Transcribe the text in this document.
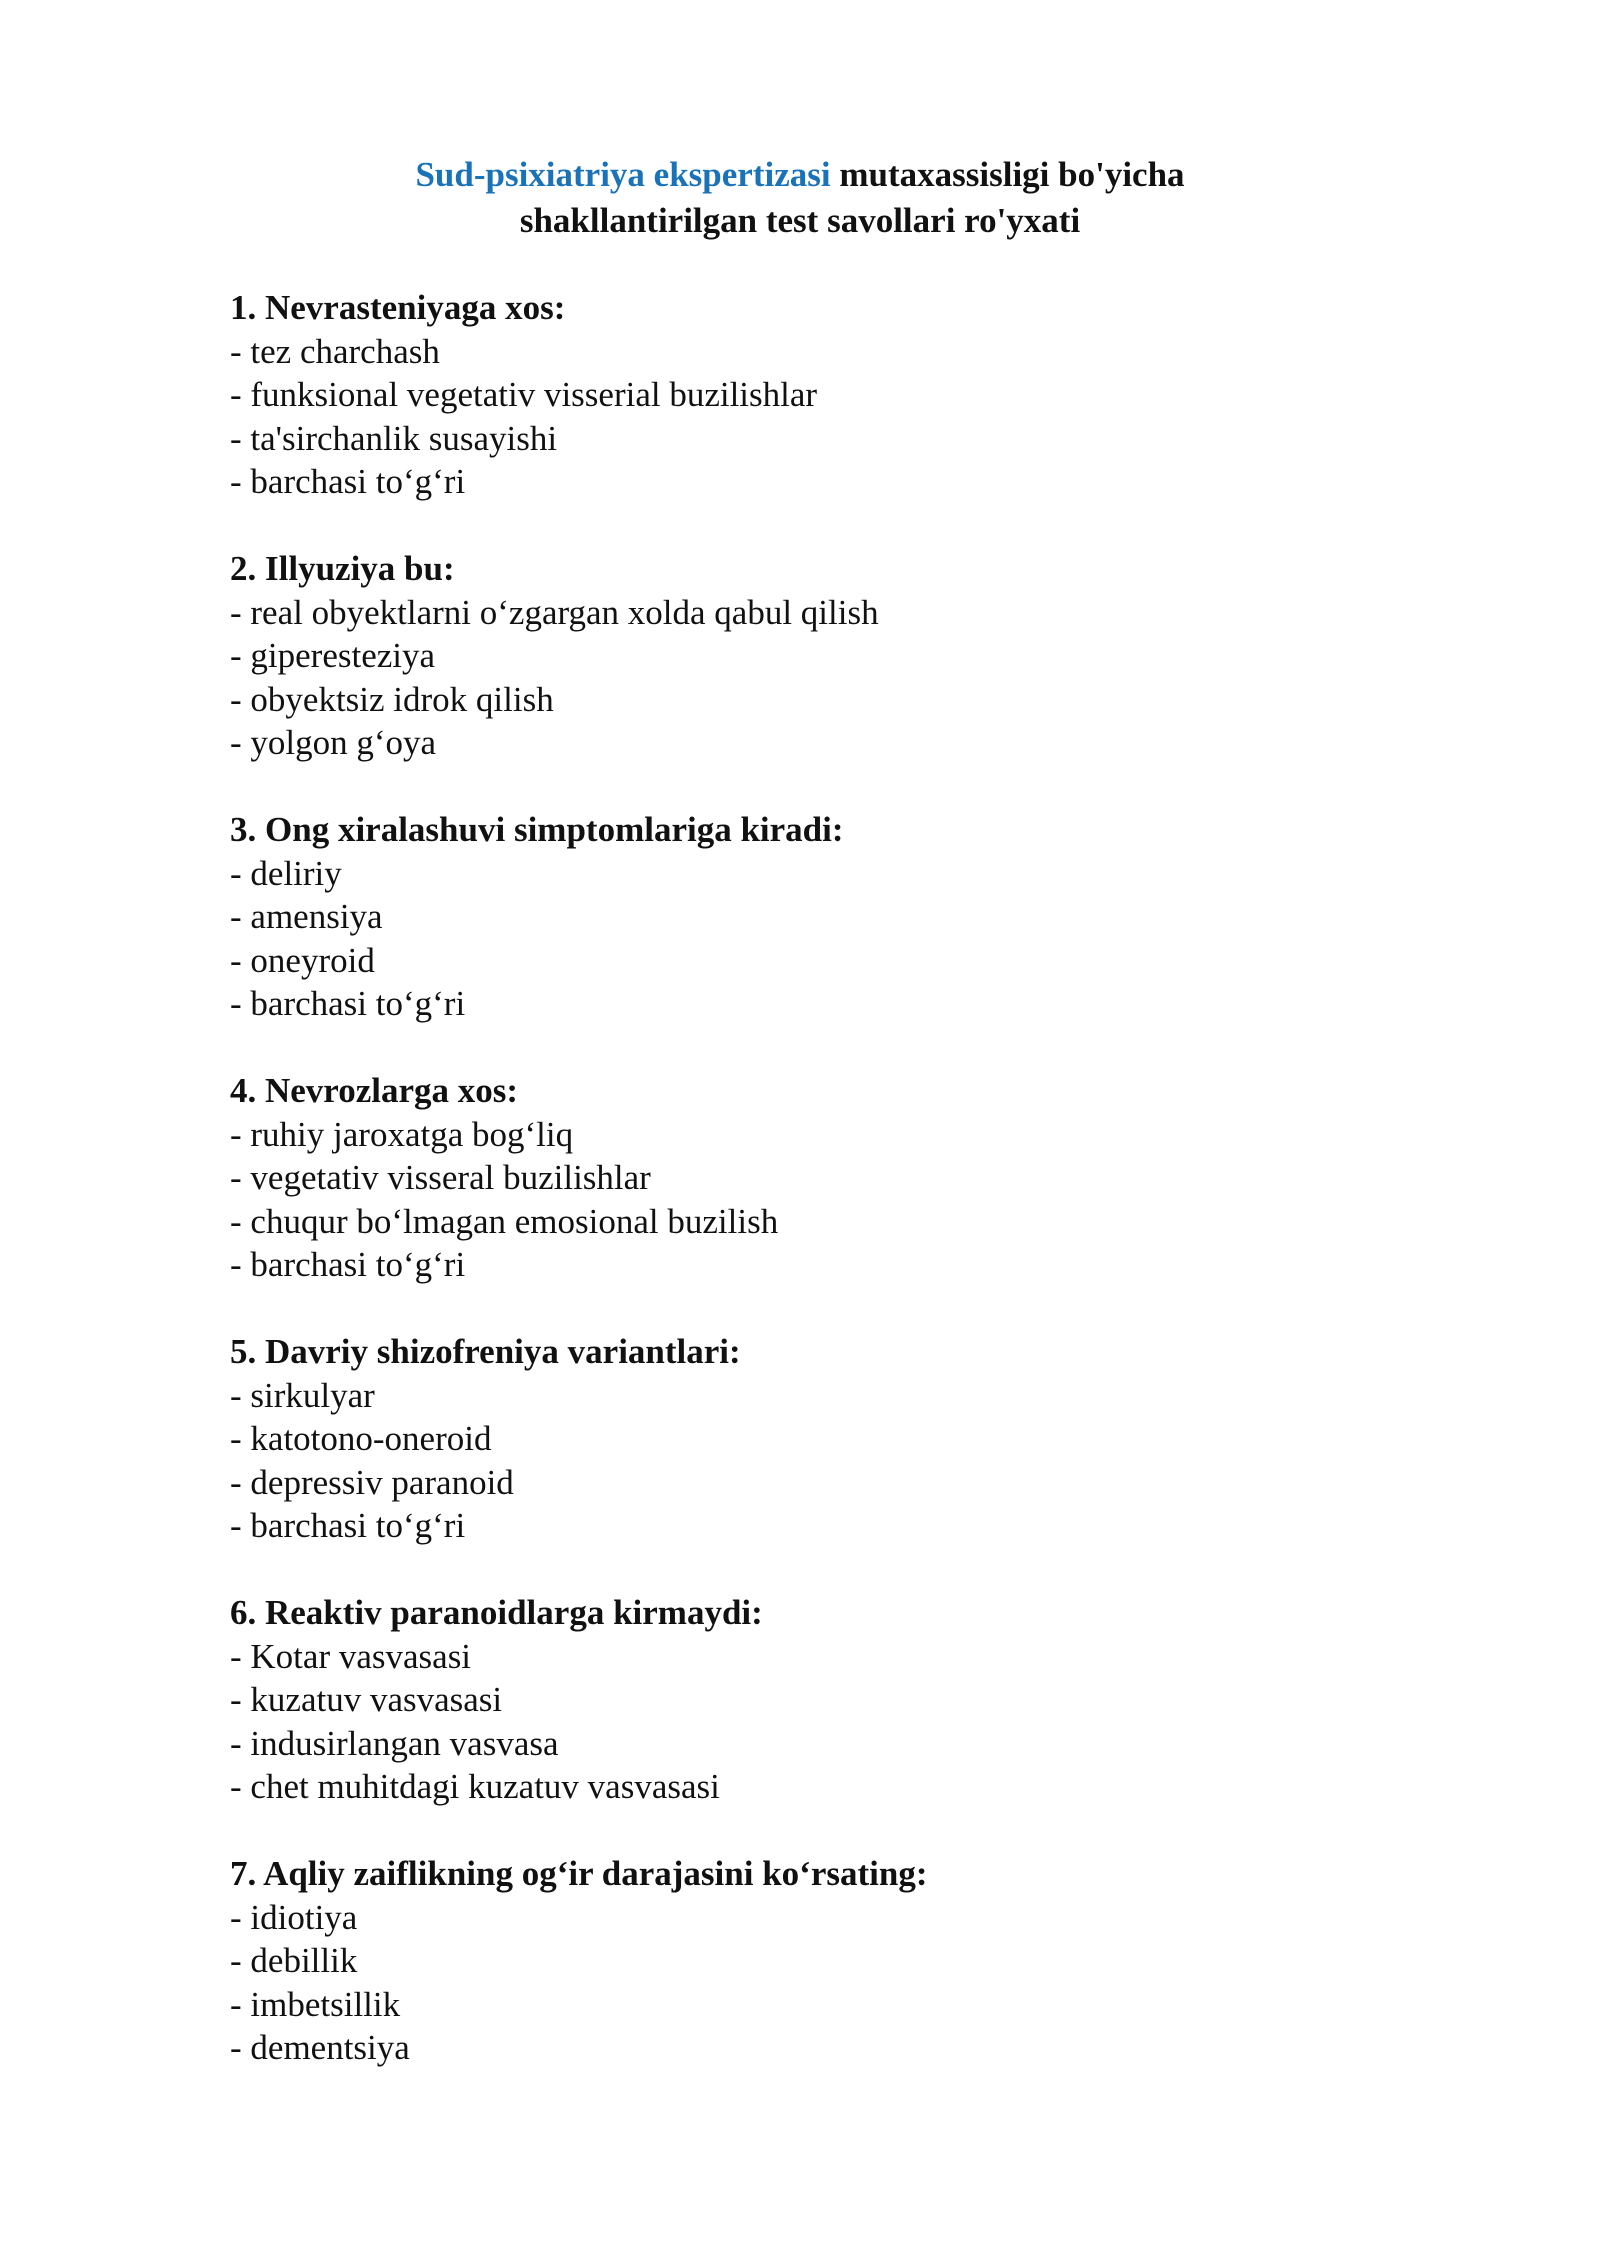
Sud-psixiatriya ekspertizasi mutaxassisligi bo'yicha
shakllantirilgan test savollari ro'yxati
1. Nevrasteniyaga xos:
- tez charchash
- funksional vegetativ visserial buzilishlar
- ta'sirchanlik susayishi
- barchasi to‘g‘ri
2. Illyuziya bu:
- real obyektlarni o‘zgargan xolda qabul qilish
- giperesteziya
- obyektsiz idrok qilish
- yolgon g‘oya
3. Ong xiralashuvi simptomlariga kiradi:
- deliriy
- amensiya
- oneyroid
- barchasi to‘g‘ri
4. Nevrozlarga xos:
- ruhiy jaroxatga bog‘liq
- vegetativ visseral buzilishlar
- chuqur bo‘lmagan emosional buzilish
- barchasi to‘g‘ri
5. Davriy shizofreniya variantlari:
- sirkulyar
- katotono-oneroid
- depressiv paranoid
- barchasi to‘g‘ri
6. Reaktiv paranoidlarga kirmaydi:
- Kotar vasvasasi
- kuzatuv vasvasasi
- indusirlangan vasvasa
- chet muhitdagi kuzatuv vasvasasi
7. Aqliy zaiflikning og‘ir darajasini ko‘rsating:
- idiotiya
- debillik
- imbetsillik
- dementsiya
